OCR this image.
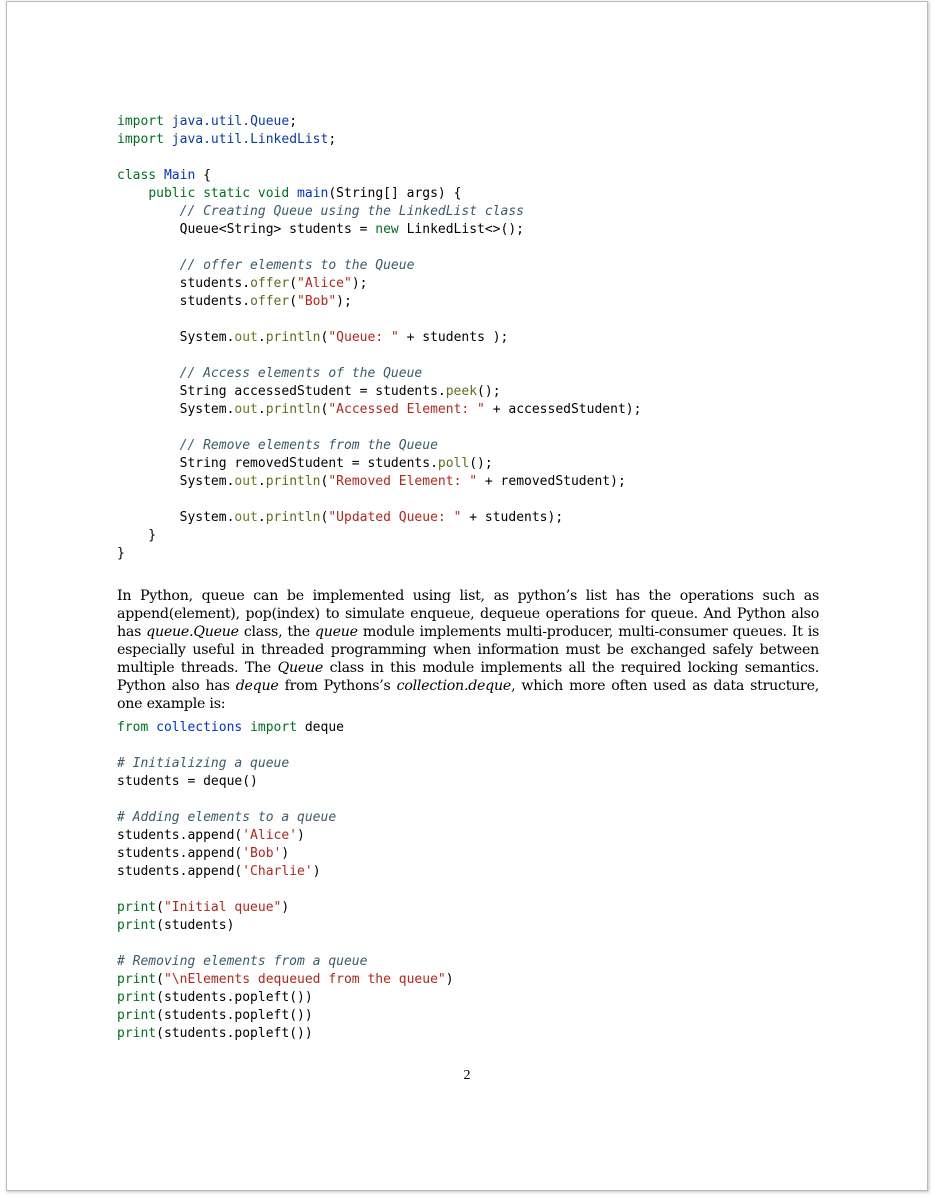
import java.util.Queue;
import java.util.LinkedList;

class Main {
public static void main(String[] args) {
// Creating Queue using the LinkedList class
Queue<String> students = new LinkedList<>();

// offer elements to the Queue
students.offer("Alice");
students.offer("Bob");

System.out.println("Queue: " + students );

// Access elements of the Queue
String accessedStudent = students.peek();
System.out.println("Accessed Element: " + accessedStudent);

// Remove elements from the Queue
String removedStudent = students.poll();
System.out.println("Removed Element: " + removedStudent);

System.out.println("Updated Queue: " + students);
}
}

In Python, queue can be implemented using list, as python’s list has the operations such as append(element), pop(index) to simulate enqueue, dequeue operations for queue. And Python also has queue.Queue class, the queue module implements multi-producer, multi-consumer queues. It is especially useful in threaded programming when information must be exchanged safely between multiple threads. The Queue class in this module implements all the required locking semantics. Python also has deque from Pythons’s collection.deque, which more often used as data structure, one example is:

from collections import deque

# Initializing a queue
students = deque()

# Adding elements to a queue
students.append('Alice')
students.append('Bob')
students.append('Charlie')

print("Initial queue")
print(students)

# Removing elements from a queue
print("\nElements dequeued from the queue")
print(students.popleft())
print(students.popleft())
print(students.popleft())
2
